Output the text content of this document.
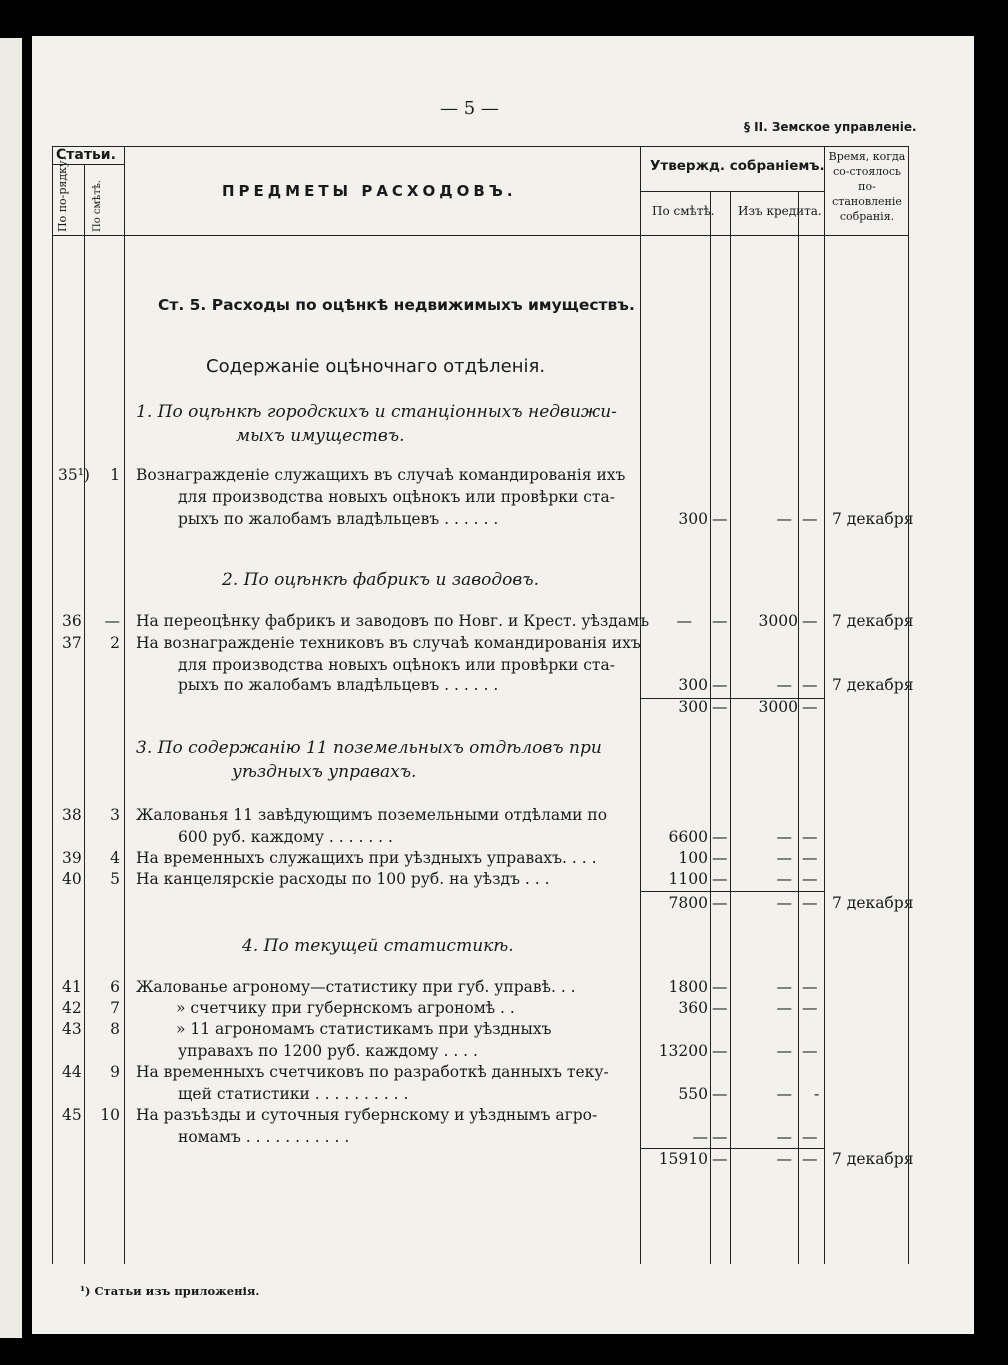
— 5 —
§ II. Земское управленіе.
Статьи.
По по-рядку. По смѣтѣ.	ПРЕДМЕТЫ РАСХОДОВЪ.
Утвержд. собраніемъ.
По смѣтѣ. Изъ кредита.
Время, когда со-стоялось по-становленіе собранія.
Ст. 5. Расходы по оцѣнкѣ недвижимыхъ имуществъ.
Содержаніе оцѣночнаго отдѣленія.
1. По оцѣнкѣ городскихъ и станціонныхъ недвижи-
мыхъ имуществъ.
35¹)	1 Вознагражденіе служащихъ въ случаѣ командированія ихъ
для производства новыхъ оцѣнокъ или провѣрки ста-
рыхъ по жалобамъ владѣльцевъ . . . . . .	300 —	— — 7 декабря
2. По оцѣнкѣ фабрикъ и заводовъ.
36	— На переоцѣнку фабрикъ и заводовъ по Новг. и Крест. уѣздамъ	— —	3000 — 7 декабря
37	2 На вознагражденіе техниковъ въ случаѣ командированія ихъ
для производства новыхъ оцѣнокъ или провѣрки ста-
рыхъ по жалобамъ владѣльцевъ . . . . . .	300 —	— — 7 декабря
300 —	3000 —
3. По содержанію 11 поземельныхъ отдѣловъ при
уѣздныхъ управахъ.
38	3 Жалованья 11 завѣдующимъ поземельными отдѣлами по
600 руб. каждому . . . . . . .	6600 —	— —
39	4 На временныхъ служащихъ при уѣздныхъ управахъ. . . .	100 —	— —
40	5 На канцелярскіе расходы по 100 руб. на уѣздъ . . .	1100 —	— —
7800 —	— — 7 декабря
4. По текущей статистикѣ.
41	6 Жалованье агроному—статистику при губ. управѣ. . .	1800 —	— —
42	7	» счетчику при губернскомъ агрономѣ . .	360 —	— —
43	8	» 11 агрономамъ статистикамъ при уѣздныхъ
управахъ по 1200 руб. каждому . . . .	13200 —	— —
44	9 На временныхъ счетчиковъ по разработкѣ данныхъ теку-
щей статистики . . . . . . . . . .	550 —	— -
45	10 На разъѣзды и суточныя губернскому и уѣзднымъ агро-
номамъ . . . . . . . . . . .	— —	— —
15910 —	— — 7 декабря
¹) Статьи изъ приложенія.
